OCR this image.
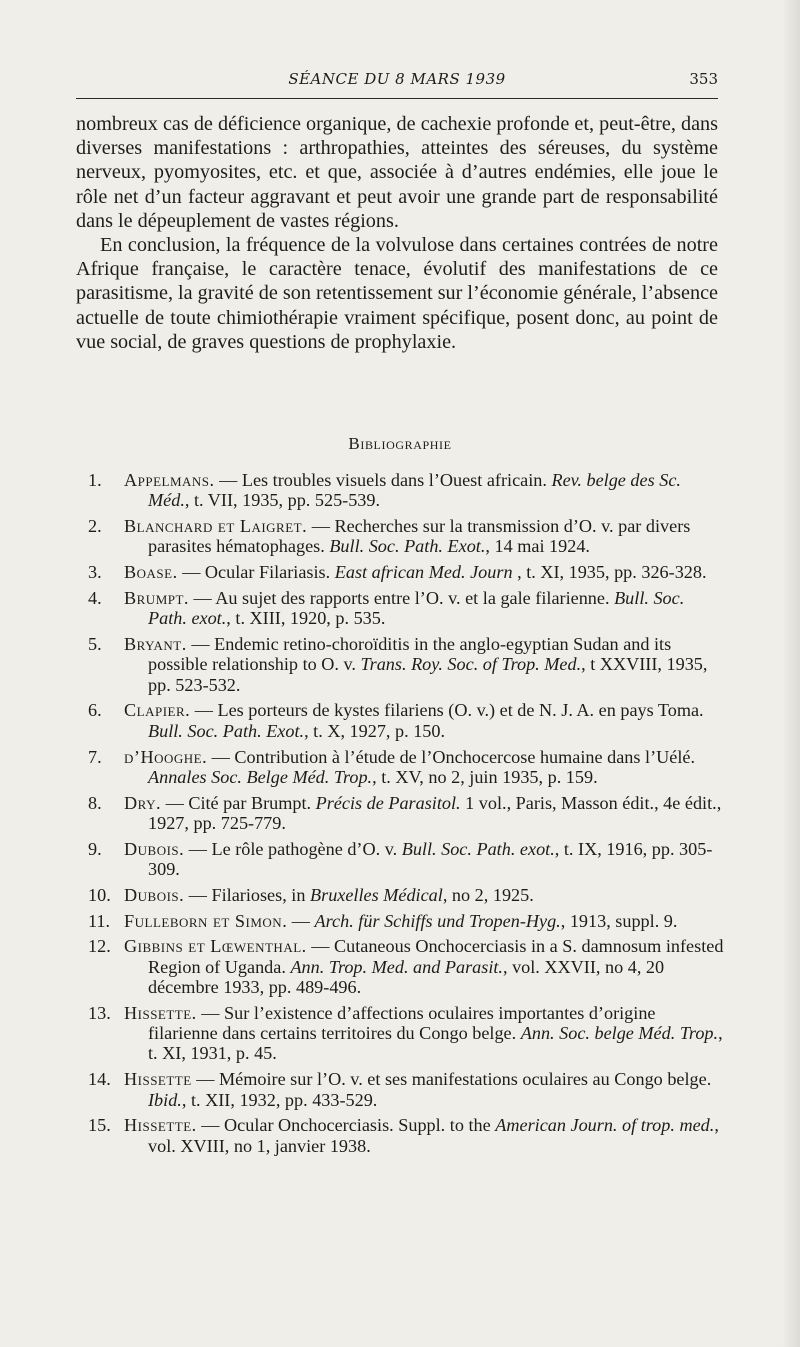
SÉANCE DU 8 MARS 1939	353

nombreux cas de déficience organique, de cachexie profonde et, peut-être, dans diverses manifestations : arthropathies, atteintes des séreuses, du système nerveux, pyomyosites, etc. et que, associée à d’autres endémies, elle joue le rôle net d’un facteur aggravant et peut avoir une grande part de responsabilité dans le dépeuplement de vastes régions.

En conclusion, la fréquence de la volvulose dans certaines contrées de notre Afrique française, le caractère tenace, évolutif des manifestations de ce parasitisme, la gravité de son retentissement sur l’économie générale, l’absence actuelle de toute chimiothérapie vraiment spécifique, posent donc, au point de vue social, de graves questions de prophylaxie.

Bibliographie
1.	Appelmans. — Les troubles visuels dans l’Ouest africain. Rev. belge des Sc. Méd., t. VII, 1935, pp. 525-539.
2.	Blanchard et Laigret. — Recherches sur la transmission d’O. v. par divers parasites hématophages. Bull. Soc. Path. Exot., 14 mai 1924.
3.	Boase. — Ocular Filariasis. East african Med. Journ , t. XI, 1935, pp. 326-328.
4.	Brumpt. — Au sujet des rapports entre l’O. v. et la gale filarienne. Bull. Soc. Path. exot., t. XIII, 1920, p. 535.
5.	Bryant. — Endemic retino-choroïditis in the anglo-egyptian Sudan and its possible relationship to O. v. Trans. Roy. Soc. of Trop. Med., t XXVIII, 1935, pp. 523-532.
6.	Clapier. — Les porteurs de kystes filariens (O. v.) et de N. J. A. en pays Toma. Bull. Soc. Path. Exot., t. X, 1927, p. 150.
7.	d’Hooghe. — Contribution à l’étude de l’Onchocercose humaine dans l’Uélé. Annales Soc. Belge Méd. Trop., t. XV, no 2, juin 1935, p. 159.
8.	Dry. — Cité par Brumpt. Précis de Parasitol. 1 vol., Paris, Masson édit., 4e édit., 1927, pp. 725-779.
9.	Dubois. — Le rôle pathogène d’O. v. Bull. Soc. Path. exot., t. IX, 1916, pp. 305-309.
10. Dubois. — Filarioses, in Bruxelles Médical, no 2, 1925.
11. Fulleborn et Simon. — Arch. für Schiffs und Tropen-Hyg., 1913, suppl. 9.
12. Gibbins et Lœwenthal. — Cutaneous Onchocerciasis in a S. damnosum infested Region of Uganda. Ann. Trop. Med. and Parasit., vol. XXVII, no 4, 20 décembre 1933, pp. 489-496.
13. Hissette. — Sur l’existence d’affections oculaires importantes d’origine filarienne dans certains territoires du Congo belge. Ann. Soc. belge Méd. Trop., t. XI, 1931, p. 45.
14. Hissette — Mémoire sur l’O. v. et ses manifestations oculaires au Congo belge. Ibid., t. XII, 1932, pp. 433-529.
15. Hissette. — Ocular Onchocerciasis. Suppl. to the American Journ. of trop. med., vol. XVIII, no 1, janvier 1938.
